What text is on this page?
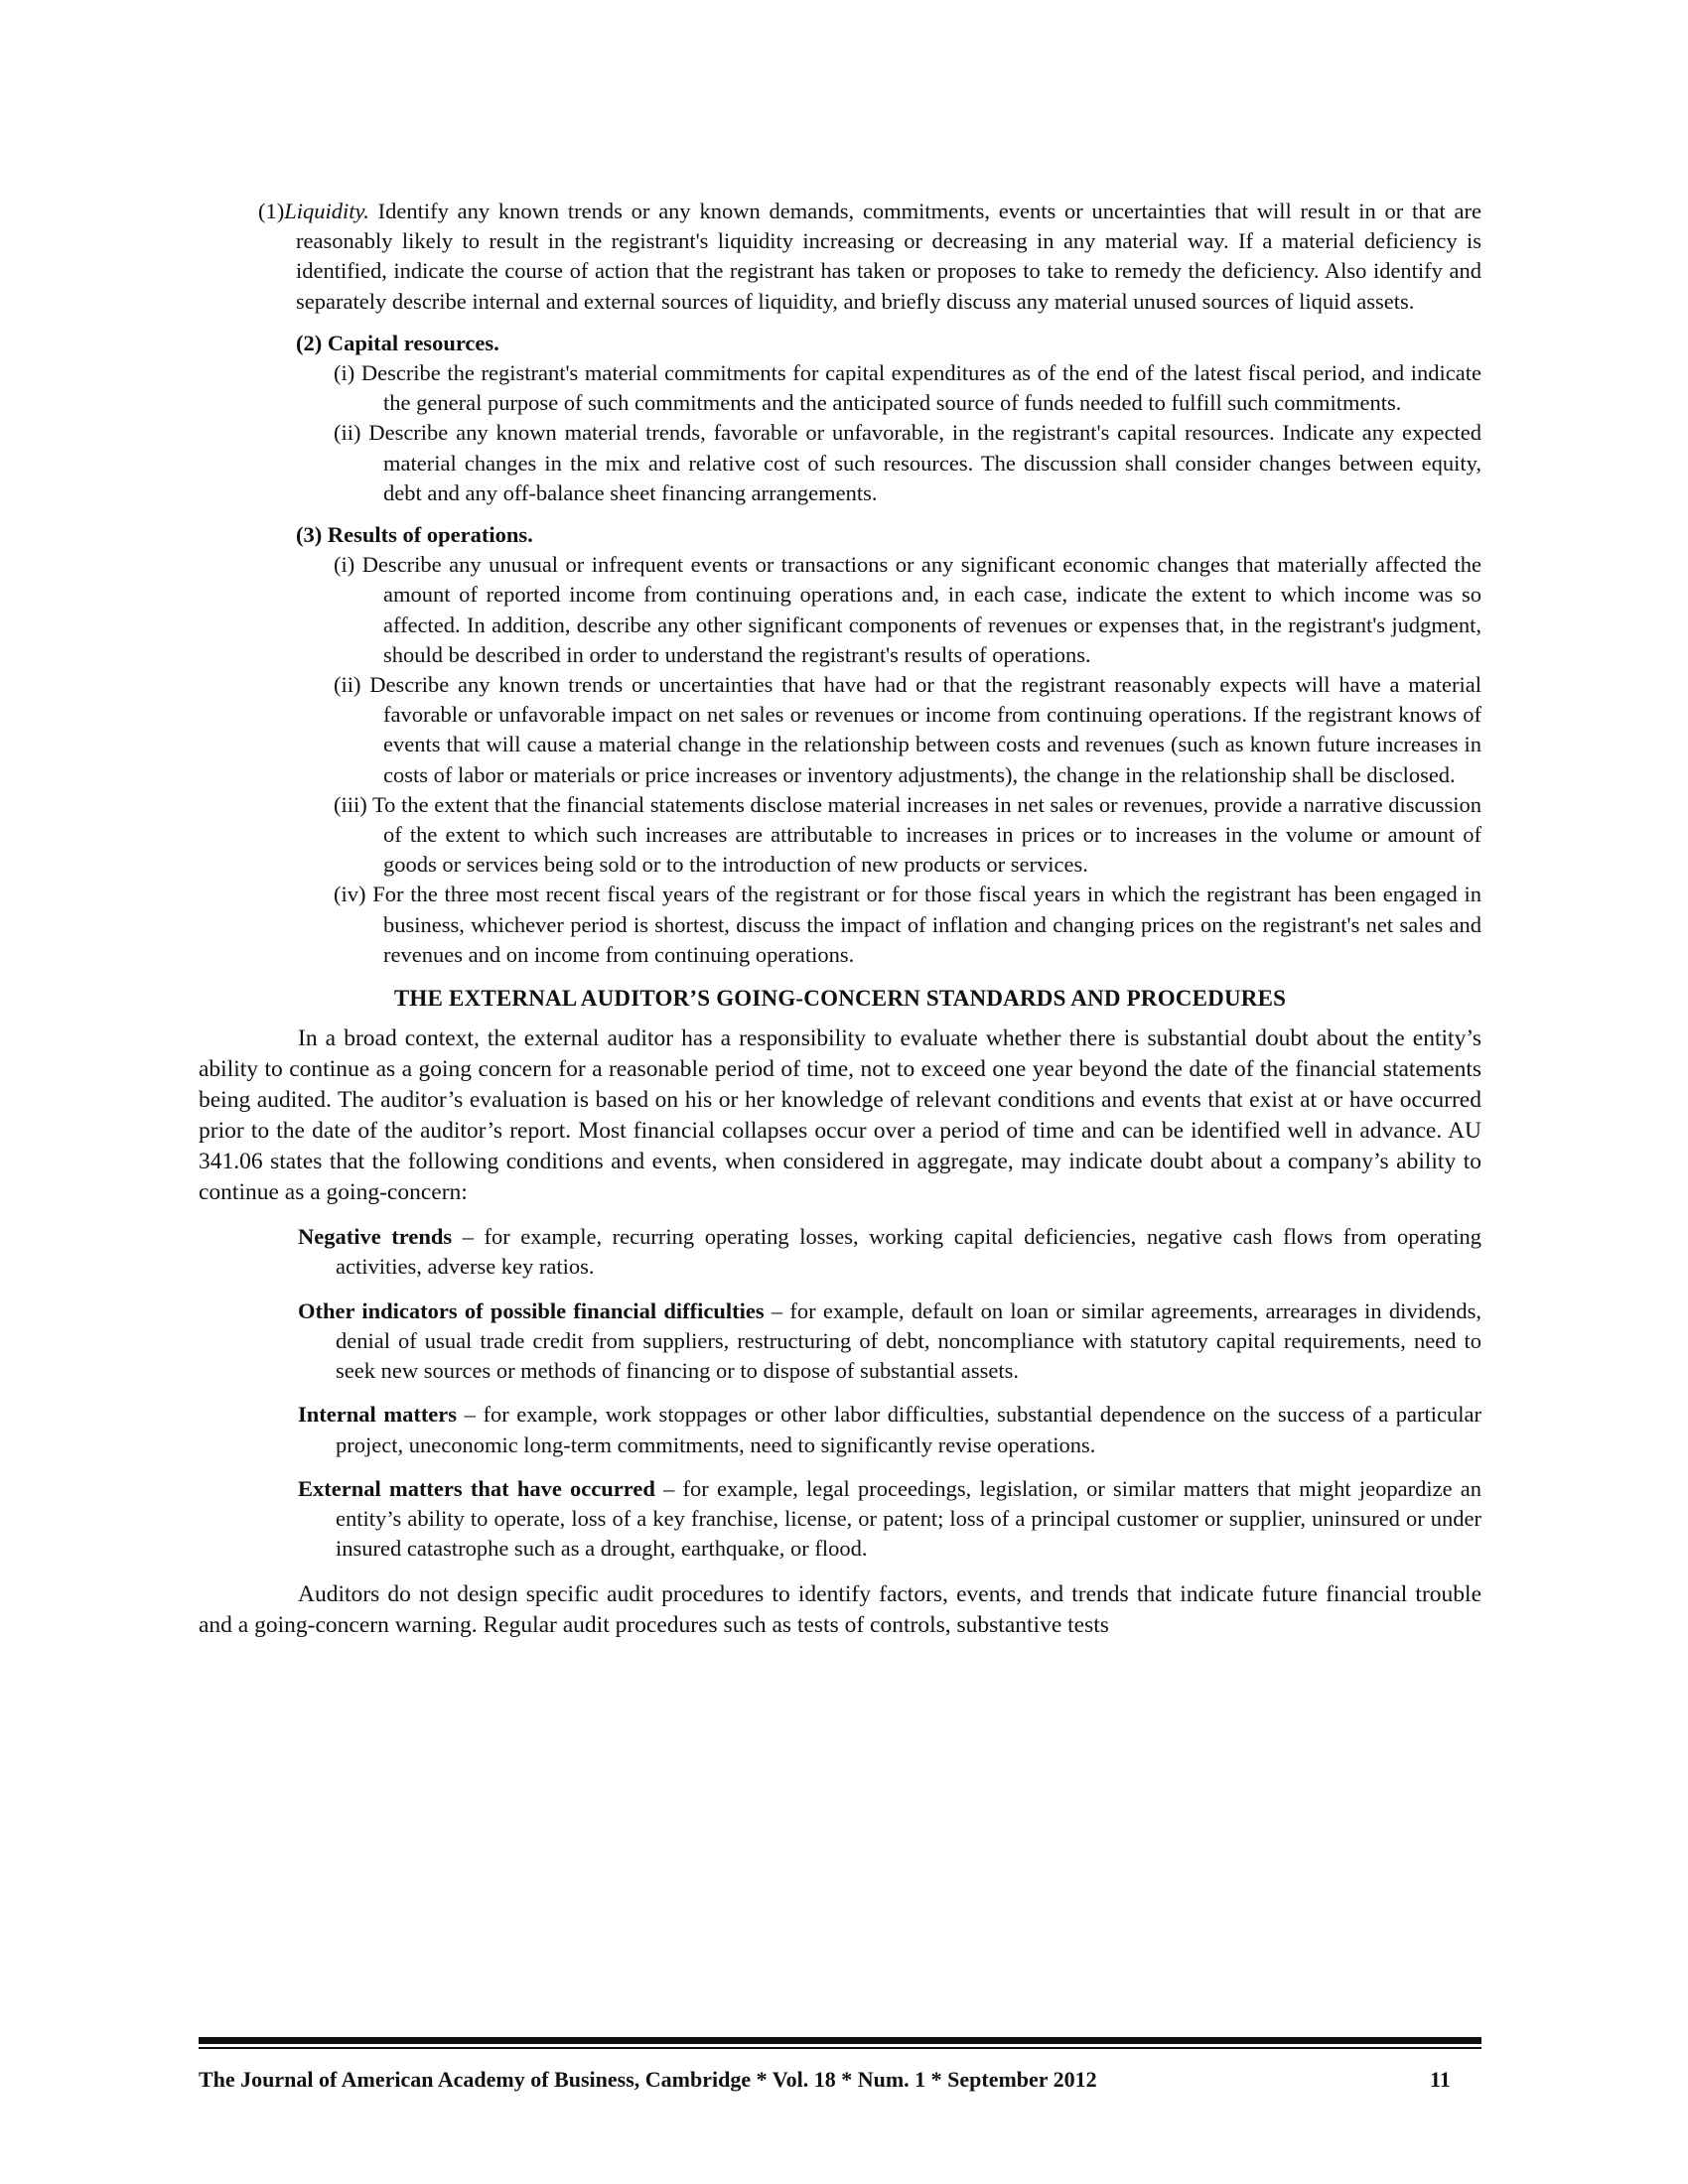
(1)Liquidity. Identify any known trends or any known demands, commitments, events or uncertainties that will result in or that are reasonably likely to result in the registrant's liquidity increasing or decreasing in any material way. If a material deficiency is identified, indicate the course of action that the registrant has taken or proposes to take to remedy the deficiency. Also identify and separately describe internal and external sources of liquidity, and briefly discuss any material unused sources of liquid assets.

(2) Capital resources.

(i) Describe the registrant's material commitments for capital expenditures as of the end of the latest fiscal period, and indicate the general purpose of such commitments and the anticipated source of funds needed to fulfill such commitments.

(ii) Describe any known material trends, favorable or unfavorable, in the registrant's capital resources. Indicate any expected material changes in the mix and relative cost of such resources. The discussion shall consider changes between equity, debt and any off-balance sheet financing arrangements.

(3) Results of operations.

(i) Describe any unusual or infrequent events or transactions or any significant economic changes that materially affected the amount of reported income from continuing operations and, in each case, indicate the extent to which income was so affected. In addition, describe any other significant components of revenues or expenses that, in the registrant's judgment, should be described in order to understand the registrant's results of operations.

(ii) Describe any known trends or uncertainties that have had or that the registrant reasonably expects will have a material favorable or unfavorable impact on net sales or revenues or income from continuing operations. If the registrant knows of events that will cause a material change in the relationship between costs and revenues (such as known future increases in costs of labor or materials or price increases or inventory adjustments), the change in the relationship shall be disclosed.

(iii) To the extent that the financial statements disclose material increases in net sales or revenues, provide a narrative discussion of the extent to which such increases are attributable to increases in prices or to increases in the volume or amount of goods or services being sold or to the introduction of new products or services.

(iv) For the three most recent fiscal years of the registrant or for those fiscal years in which the registrant has been engaged in business, whichever period is shortest, discuss the impact of inflation and changing prices on the registrant's net sales and revenues and on income from continuing operations.

THE EXTERNAL AUDITOR’S GOING-CONCERN STANDARDS AND PROCEDURES

In a broad context, the external auditor has a responsibility to evaluate whether there is substantial doubt about the entity’s ability to continue as a going concern for a reasonable period of time, not to exceed one year beyond the date of the financial statements being audited. The auditor’s evaluation is based on his or her knowledge of relevant conditions and events that exist at or have occurred prior to the date of the auditor’s report. Most financial collapses occur over a period of time and can be identified well in advance. AU 341.06 states that the following conditions and events, when considered in aggregate, may indicate doubt about a company’s ability to continue as a going-concern:

Negative trends – for example, recurring operating losses, working capital deficiencies, negative cash flows from operating activities, adverse key ratios.

Other indicators of possible financial difficulties – for example, default on loan or similar agreements, arrearages in dividends, denial of usual trade credit from suppliers, restructuring of debt, noncompliance with statutory capital requirements, need to seek new sources or methods of financing or to dispose of substantial assets.

Internal matters – for example, work stoppages or other labor difficulties, substantial dependence on the success of a particular project, uneconomic long-term commitments, need to significantly revise operations.

External matters that have occurred – for example, legal proceedings, legislation, or similar matters that might jeopardize an entity’s ability to operate, loss of a key franchise, license, or patent; loss of a principal customer or supplier, uninsured or under insured catastrophe such as a drought, earthquake, or flood.

Auditors do not design specific audit procedures to identify factors, events, and trends that indicate future financial trouble and a going-concern warning. Regular audit procedures such as tests of controls, substantive tests

The Journal of American Academy of Business, Cambridge * Vol. 18 * Num. 1 * September 2012	11
